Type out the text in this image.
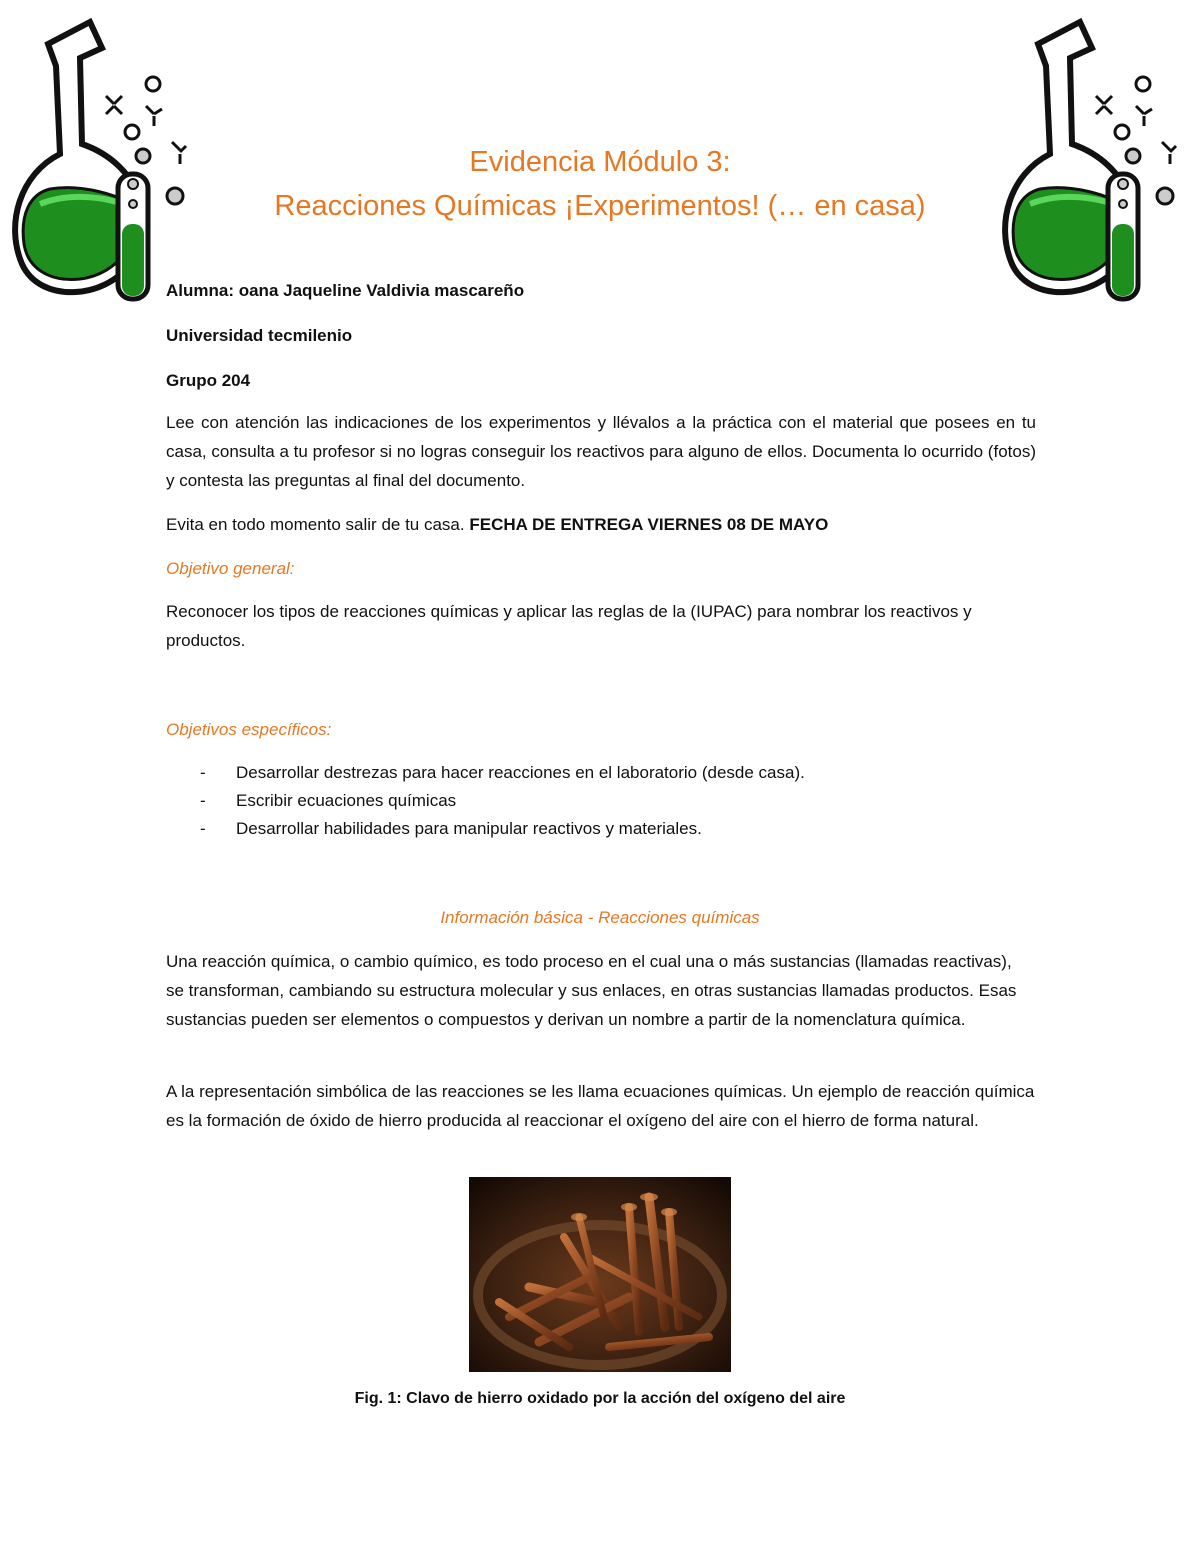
Evidencia Módulo 3:
Reacciones Químicas ¡Experimentos! (… en casa)

Alumna: oana Jaqueline Valdivia mascareño

Universidad tecmilenio

Grupo 204

Lee con atención las indicaciones de los experimentos y llévalos a la práctica con el material que posees en tu casa, consulta a tu profesor si no logras conseguir los reactivos para alguno de ellos. Documenta lo ocurrido (fotos) y contesta las preguntas al final del documento.

Evita en todo momento salir de tu casa. FECHA DE ENTREGA VIERNES 08 DE MAYO

Objetivo general:

Reconocer los tipos de reacciones químicas y aplicar las reglas de la (IUPAC) para nombrar los reactivos y productos.

Objetivos específicos:

- Desarrollar destrezas para hacer reacciones en el laboratorio (desde casa).
- Escribir ecuaciones químicas
- Desarrollar habilidades para manipular reactivos y materiales.

Información básica - Reacciones químicas

Una reacción química, o cambio químico, es todo proceso en el cual una o más sustancias (llamadas reactivas), se transforman, cambiando su estructura molecular y sus enlaces, en otras sustancias llamadas productos. Esas sustancias pueden ser elementos o compuestos y derivan un nombre a partir de la nomenclatura química.

A la representación simbólica de las reacciones se les llama ecuaciones químicas. Un ejemplo de reacción química es la formación de óxido de hierro producida al reaccionar el oxígeno del aire con el hierro de forma natural.

Fig. 1: Clavo de hierro oxidado por la acción del oxígeno del aire
